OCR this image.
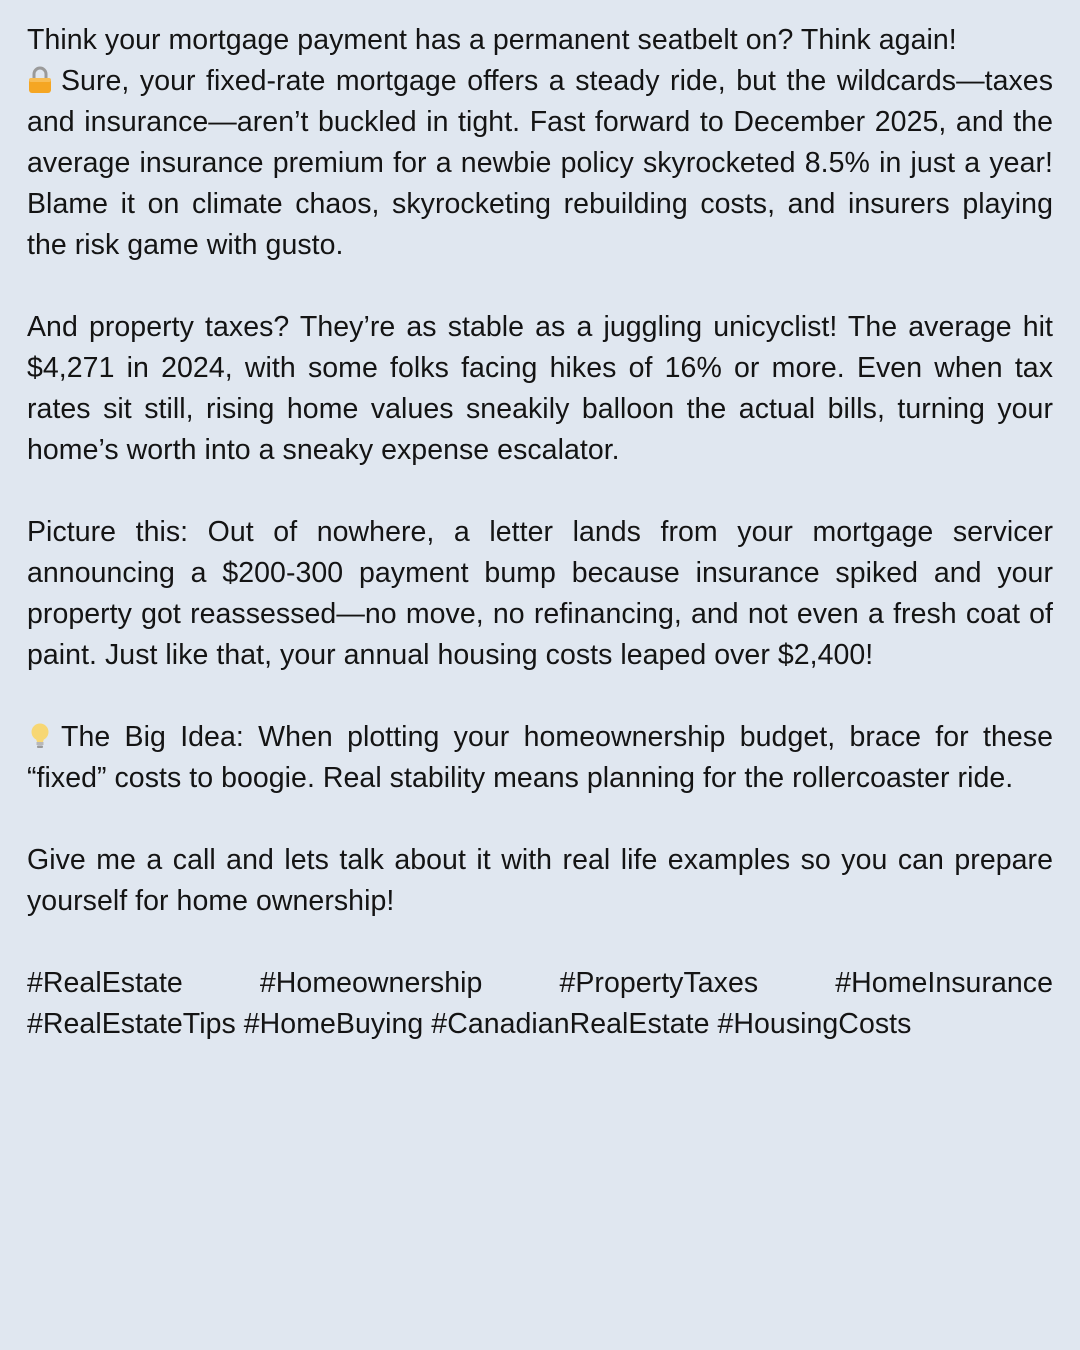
Think your mortgage payment has a permanent seatbelt on? Think again!

Sure, your fixed-rate mortgage offers a steady ride, but the wildcards—taxes and insurance—aren’t buckled in tight. Fast forward to December 2025, and the average insurance premium for a newbie policy skyrocketed 8.5% in just a year! Blame it on climate chaos, skyrocketing rebuilding costs, and insurers playing the risk game with gusto.

And property taxes? They’re as stable as a juggling unicyclist! The average hit $4,271 in 2024, with some folks facing hikes of 16% or more. Even when tax rates sit still, rising home values sneakily balloon the actual bills, turning your home’s worth into a sneaky expense escalator.

Picture this: Out of nowhere, a letter lands from your mortgage servicer announcing a $200-300 payment bump because insurance spiked and your property got reassessed—no move, no refinancing, and not even a fresh coat of paint. Just like that, your annual housing costs leaped over $2,400!

The Big Idea: When plotting your homeownership budget, brace for these “fixed” costs to boogie. Real stability means planning for the rollercoaster ride.

Give me a call and lets talk about it with real life examples so you can prepare yourself for home ownership!

#RealEstate #Homeownership #PropertyTaxes #HomeInsurance #RealEstateTips #HomeBuying #CanadianRealEstate #HousingCosts
